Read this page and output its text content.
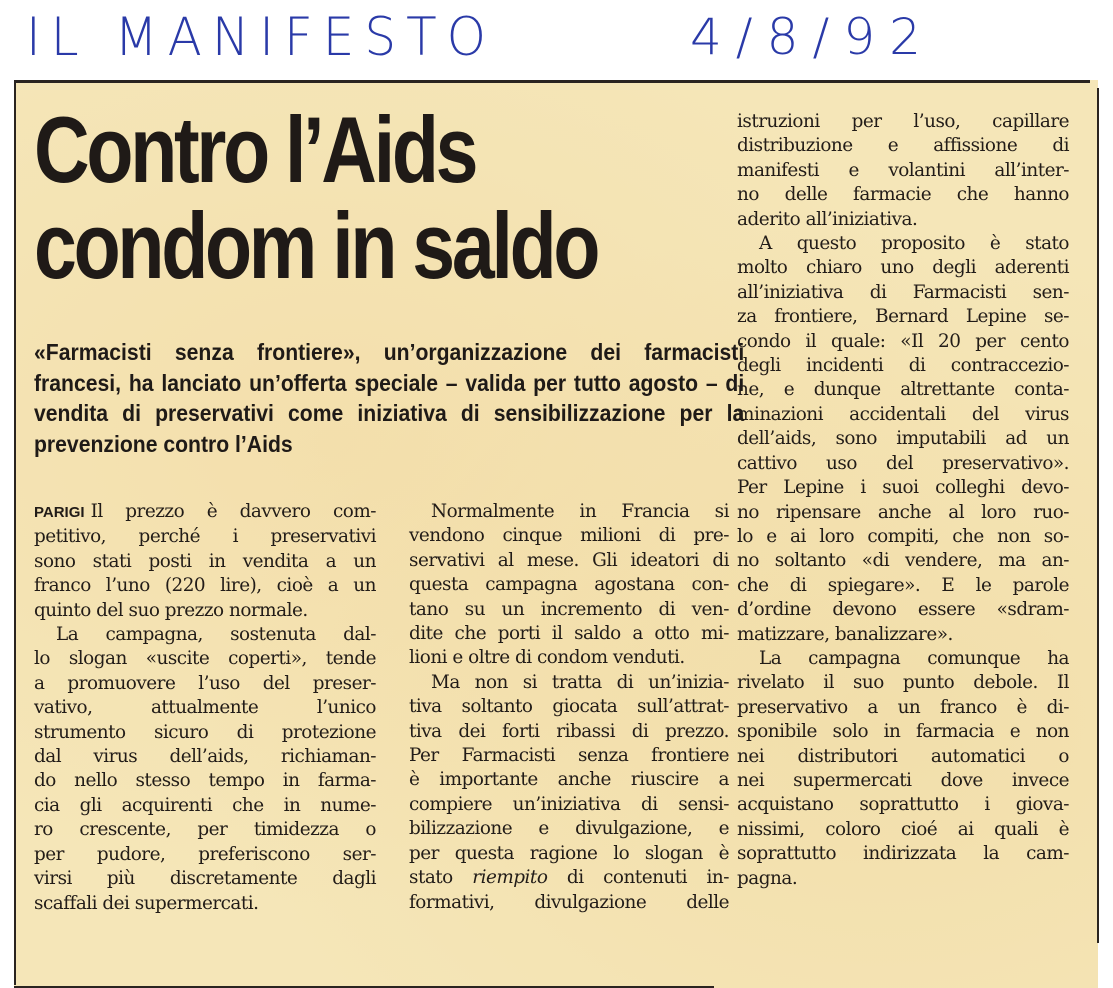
IL MANIFESTO	4/8/92
Contro l’Aids
condom in saldo
«Farmacisti senza frontiere», un’organizzazione dei farmacisti francesi, ha lanciato un’offerta speciale – valida per tutto agosto – di vendita di preservativi come iniziativa di sensibilizzazione per la prevenzione contro l’Aids
PARIGI Il prezzo è davvero com-
petitivo, perché i preservativi
sono stati posti in vendita a un
franco l’uno (220 lire), cioè a un
quinto del suo prezzo normale.
La campagna, sostenuta dal-
lo slogan «uscite coperti», tende
a promuovere l’uso del preser-
vativo, attualmente l’unico
strumento sicuro di protezione
dal virus dell’aids, richiaman-
do nello stesso tempo in farma-
cia gli acquirenti che in nume-
ro crescente, per timidezza o
per pudore, preferiscono ser-
virsi più discretamente dagli
scaffali dei supermercati.
Normalmente in Francia si
vendono cinque milioni di pre-
servativi al mese. Gli ideatori di
questa campagna agostana con-
tano su un incremento di ven-
dite che porti il saldo a otto mi-
lioni e oltre di condom venduti.
Ma non si tratta di un’inizia-
tiva soltanto giocata sull’attrat-
tiva dei forti ribassi di prezzo.
Per Farmacisti senza frontiere
è importante anche riuscire a
compiere un’iniziativa di sensi-
bilizzazione e divulgazione, e
per questa ragione lo slogan è
stato riempito di contenuti in-
formativi, divulgazione delle
istruzioni per l’uso, capillare
distribuzione e affissione di
manifesti e volantini all’inter-
no delle farmacie che hanno
aderito all’iniziativa.
A questo proposito è stato
molto chiaro uno degli aderenti
all’iniziativa di Farmacisti sen-
za frontiere, Bernard Lepine se-
condo il quale: «Il 20 per cento
degli incidenti di contraccezio-
ne, e dunque altrettante conta-
minazioni accidentali del virus
dell’aids, sono imputabili ad un
cattivo uso del preservativo».
Per Lepine i suoi colleghi devo-
no ripensare anche al loro ruo-
lo e ai loro compiti, che non so-
no soltanto «di vendere, ma an-
che di spiegare». E le parole
d’ordine devono essere «sdram-
matizzare, banalizzare».
La campagna comunque ha
rivelato il suo punto debole. Il
preservativo a un franco è di-
sponibile solo in farmacia e non
nei distributori automatici o
nei supermercati dove invece
acquistano soprattutto i giova-
nissimi, coloro cioé ai quali è
soprattutto indirizzata la cam-
pagna.
